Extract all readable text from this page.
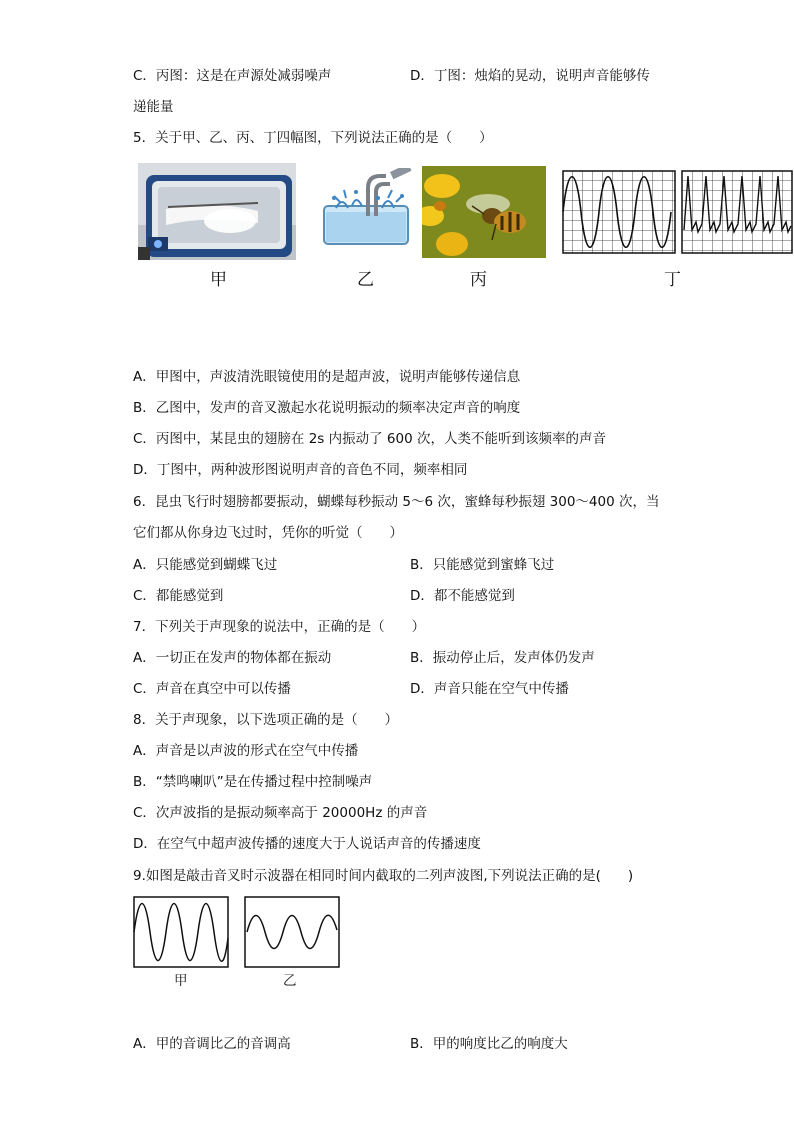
C．丙图：这是在声源处减弱噪声	D．丁图：烛焰的晃动，说明声音能够传
递能量
5．关于甲、乙、丙、丁四幅图，下列说法正确的是（　　）
甲	乙	丙	丁
A．甲图中，声波清洗眼镜使用的是超声波，说明声能够传递信息
B．乙图中，发声的音叉激起水花说明振动的频率决定声音的响度
C．丙图中，某昆虫的翅膀在 2s 内振动了 600 次，人类不能听到该频率的声音
D．丁图中，两种波形图说明声音的音色不同，频率相同
6．昆虫飞行时翅膀都要振动，蝴蝶每秒振动 5～6 次，蜜蜂每秒振翅 300～400 次，当
它们都从你身边飞过时，凭你的听觉（　　）
A．只能感觉到蝴蝶飞过	B．只能感觉到蜜蜂飞过
C．都能感觉到	D．都不能感觉到
7．下列关于声现象的说法中，正确的是（　　）
A．一切正在发声的物体都在振动	B．振动停止后，发声体仍发声
C．声音在真空中可以传播	D．声音只能在空气中传播
8．关于声现象，以下选项正确的是（　　）
A．声音是以声波的形式在空气中传播
B．“禁鸣喇叭”是在传播过程中控制噪声
C．次声波指的是振动频率高于 20000Hz 的声音
D．在空气中超声波传播的速度大于人说话声音的传播速度
9.如图是敲击音叉时示波器在相同时间内截取的二列声波图,下列说法正确的是(　　)
甲	乙
A．甲的音调比乙的音调高	B．甲的响度比乙的响度大
